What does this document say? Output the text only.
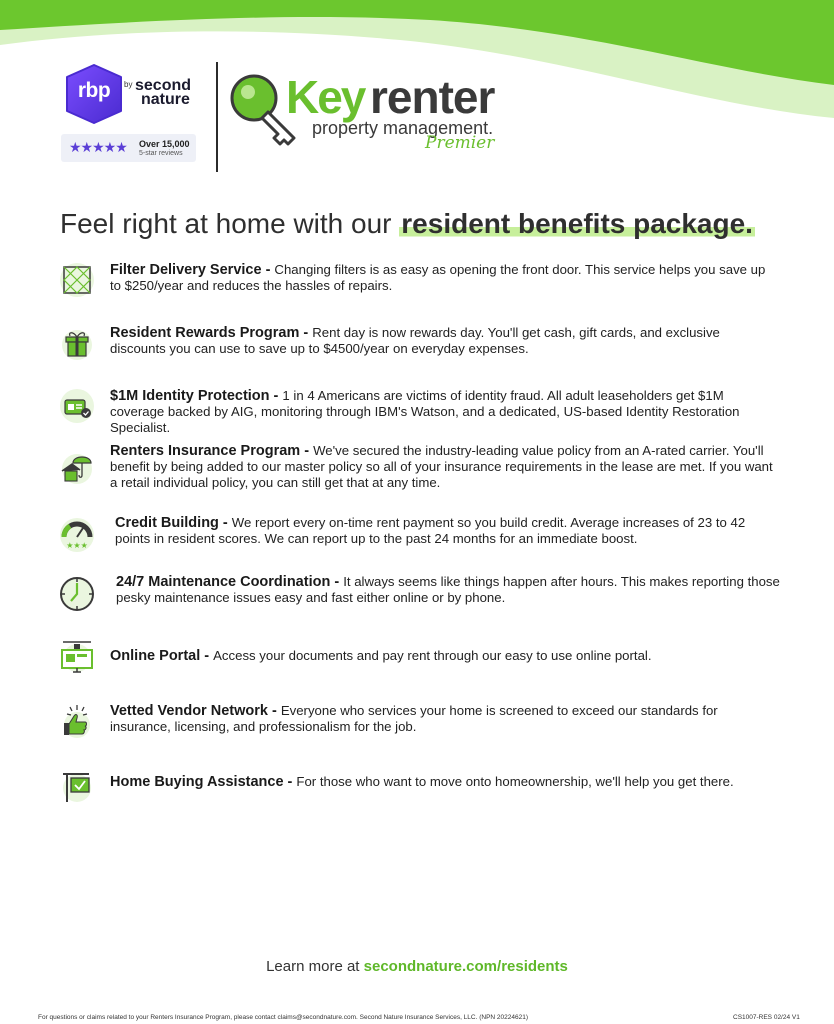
rbp	by second
nature
★★★★★ Over 15,000
5-star reviews
Key renter
property management.
Premier
Feel right at home with our resident benefits package.
Filter Delivery Service - Changing filters is as easy as opening the front door. This service helps you save up to $250/year and reduces the hassles of repairs.
Resident Rewards Program - Rent day is now rewards day. You'll get cash, gift cards, and exclusive discounts you can use to save up to $4500/year on everyday expenses.
$1M Identity Protection - 1 in 4 Americans are victims of identity fraud. All adult leaseholders get $1M coverage backed by AIG, monitoring through IBM's Watson, and a dedicated, US-based Identity Restoration Specialist.
Renters Insurance Program - We've secured the industry-leading value policy from an A-rated carrier. You'll benefit by being added to our master policy so all of your insurance requirements in the lease are met. If you want a retail individual policy, you can still get that at any time.
★★★
Credit Building - We report every on-time rent payment so you build credit. Average increases of 23 to 42 points in resident scores. We can report up to the past 24 months for an immediate boost.
24/7 Maintenance Coordination - It always seems like things happen after hours. This makes reporting those pesky maintenance issues easy and fast either online or by phone.
Online Portal - Access your documents and pay rent through our easy to use online portal.
Vetted Vendor Network - Everyone who services your home is screened to exceed our standards for insurance, licensing, and professionalism for the job.
Home Buying Assistance - For those who want to move onto homeownership, we'll help you get there.
Learn more at secondnature.com/residents
For questions or claims related to your Renters Insurance Program, please contact claims@secondnature.com. Second Nature Insurance Services, LLC. (NPN 20224621)	CS1007-RES 02/24 V1
